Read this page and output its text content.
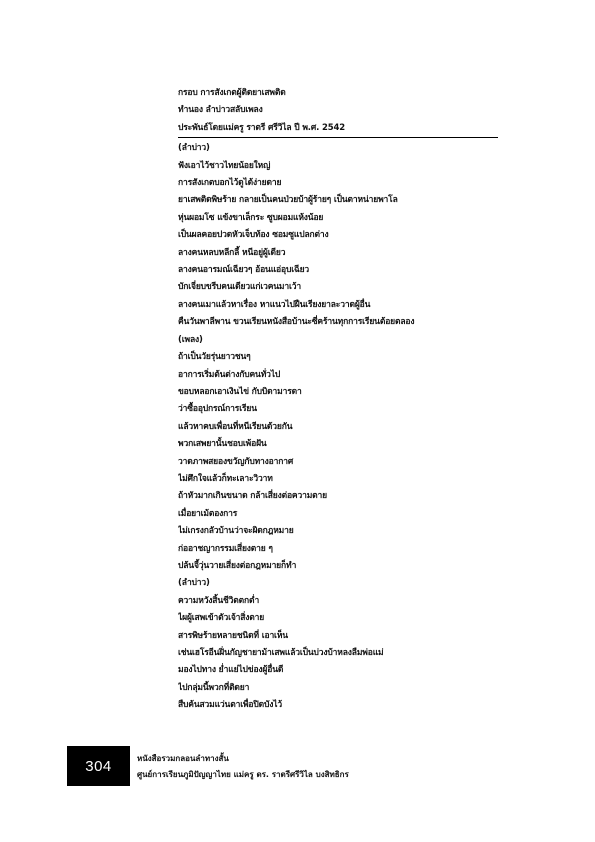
กรอบ การสังเกตผู้ติดยาเสพติด
ทำนอง ลำบ่าวสลับเพลง
ประพันธ์โดยแม่ครู ราตรี ศรีวิไล ปี พ.ศ. 2542
(ลำบ่าว)
ฟังเอาไว้ชาวไทยน้อยใหญ่
การสังเกตบอกไว้ดูได้ง่ายดาย
ยาเสพติดพิษร้าย กลายเป็นคนป่วยบ้าผู้ร้ายๆ เป็นตาหน่ายพาโล
หุ่นผอมโซ แข้งขาเล็กระ ซูบผอมแห้งน้อย
เป็นผลคอยปวดหัวเจ็บท้อง ซอมซูแปลกต่าง
ลางคนหลบหลีกลี้ หนีอยู่ผู้เดียว
ลางคนอารมณ์เฉียวๆ อ้อนแอ่อุบเฉียว
บักเจี่ยบขรีบคนเดียวแก่เวคนมาเว้า
ลางคนเมาแล้วหาเรื่อง หาแนวไปฝืนเรียงยาละวาดผู้อื่น
คืนวันพาลีพาน ขวนเรียนหนังสือบ้านะซี่คร้านทุกการเรียนต้อยตลอง
(เพลง)
ถ้าเป็นวัยรุ่นยาวชนๆ
อาการเริ่มต้นต่างกับคนทั่วไป
ขอบหลอกเอาเงินไข่ กับบิดามารดา
ว่าซื้ออุปกรณ์การเรียน
แล้วหาคบเพื่อนที่หนีเรียนด้วยกัน
พวกเสพยานั้นชอบเพ้อฝัน
วาดภาพสยองขวัญกับทางอากาศ
ไม่ศึกใจแล้วก็ทะเลาะวิวาท
ถ้าหัวมากเกินขนาด กล้าเสี่ยงต่อความตาย
เมื่อยาเม้ตองการ
ไม่เกรงกลัวบ้านว่าจะผิดกฎหมาย
ก่ออาชญากรรมเสี่ยงตาย ๆ
ปล้นจี้วุ่นวายเสี่ยงต่อกฎหมายก็ทำ
(ลำบ่าว)
ความหวังสิ้นชีวิตตกต่ำ
ไผผู้เสพเข้าตัวเจ้าสิ่งตาย
สารพิษร้ายหลายชนิดที่ เอาเห็น
เช่นเฮโรอีนฝิ่นกัญชายาม้าเสพแล้วเป็นบ่วงบ้าหลงลืมพ่อแม่
มองไปทาง ย่ำแย่ไปข่องผู้อื่นดี
ไปกลุ่มนี้พวกที่ติดยา
สืบค้นสวมแว่นตาเพื่อปิดบังไว้
304	หนังสือรวมกลอนลำทางสั้น
ศูนย์การเรียนภูมิปัญญาไทย แม่ครู ดร. ราตรีศรีวิไล บงสิทธิกร
